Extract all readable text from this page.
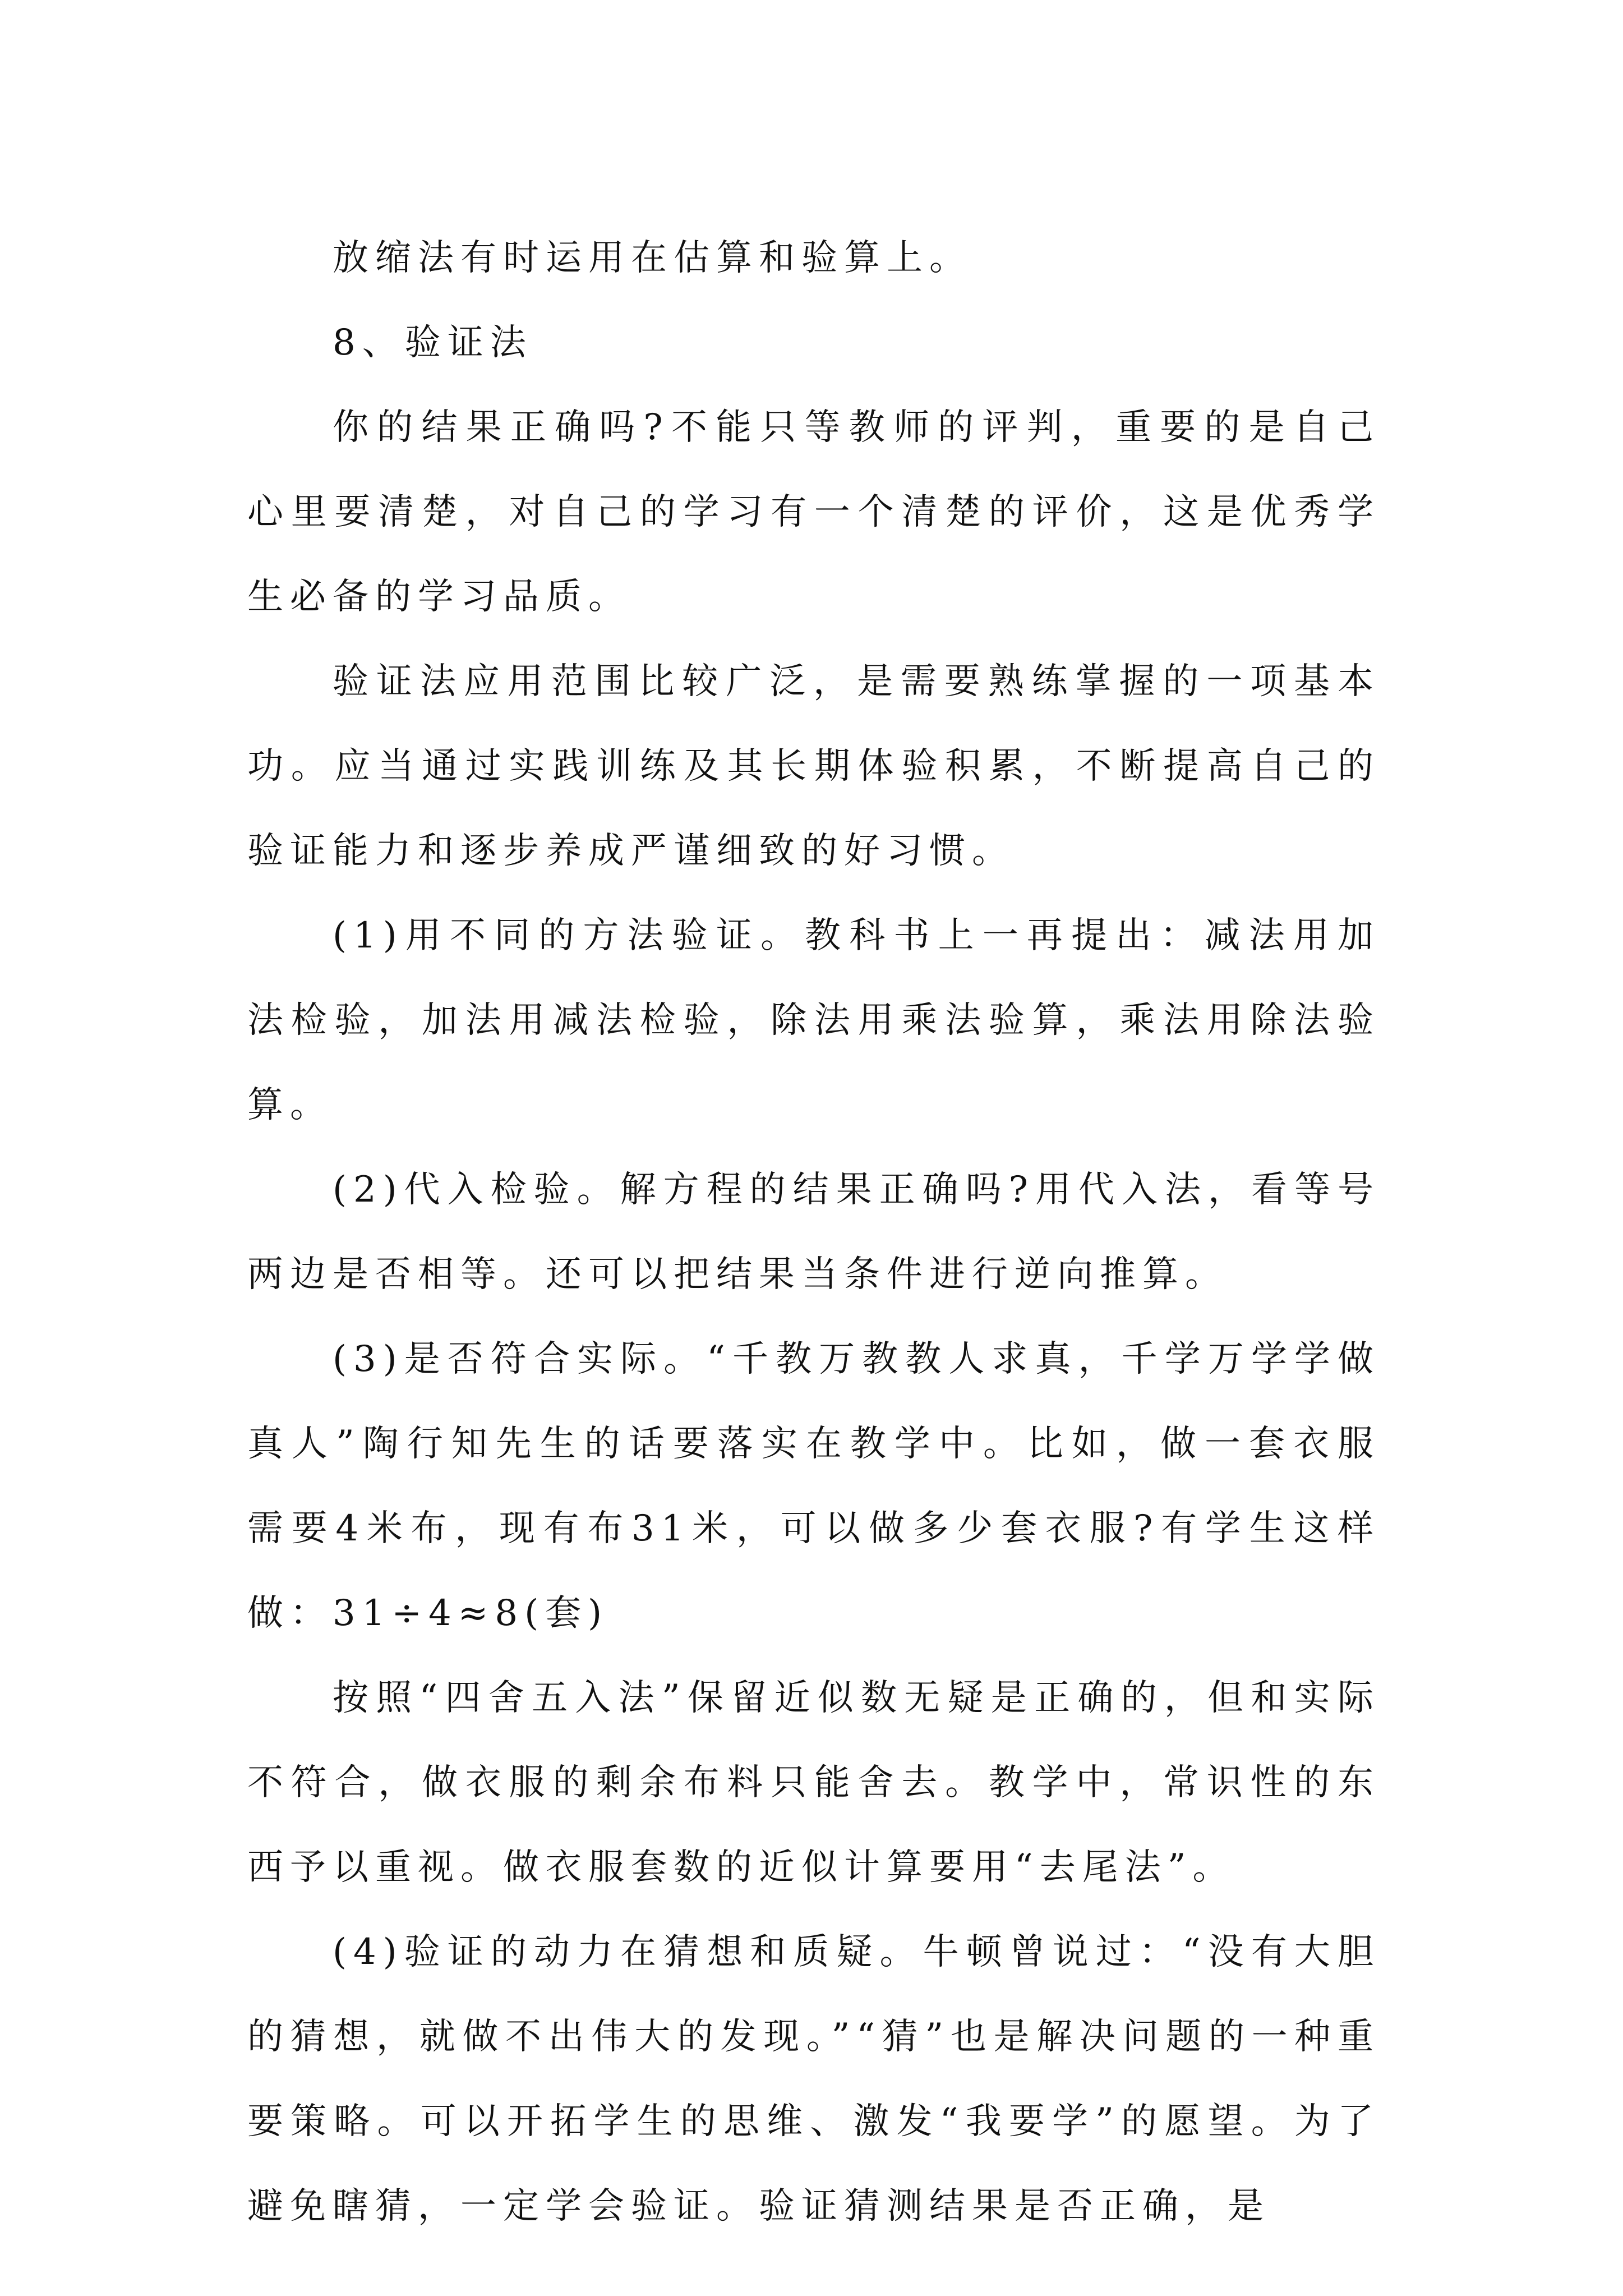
放缩法有时运用在估算和验算上。

8、验证法

你的结果正确吗?不能只等教师的评判，重要的是自己心里要清楚，对自己的学习有一个清楚的评价，这是优秀学生必备的学习品质。

验证法应用范围比较广泛，是需要熟练掌握的一项基本功。应当通过实践训练及其长期体验积累，不断提高自己的验证能力和逐步养成严谨细致的好习惯。

(1)用不同的方法验证。教科书上一再提出：减法用加法检验，加法用减法检验，除法用乘法验算，乘法用除法验算。

(2)代入检验。解方程的结果正确吗?用代入法，看等号两边是否相等。还可以把结果当条件进行逆向推算。

(3)是否符合实际。“千教万教教人求真，千学万学学做真人”陶行知先生的话要落实在教学中。比如，做一套衣服需要4米布，现有布31米，可以做多少套衣服?有学生这样做：31÷4≈8(套)

按照“四舍五入法”保留近似数无疑是正确的，但和实际不符合，做衣服的剩余布料只能舍去。教学中，常识性的东西予以重视。做衣服套数的近似计算要用“去尾法”。

(4)验证的动力在猜想和质疑。牛顿曾说过：“没有大胆的猜想，就做不出伟大的发现。”“猜”也是解决问题的一种重要策略。可以开拓学生的思维、激发“我要学”的愿望。为了避免瞎猜，一定学会验证。验证猜测结果是否正确，是
